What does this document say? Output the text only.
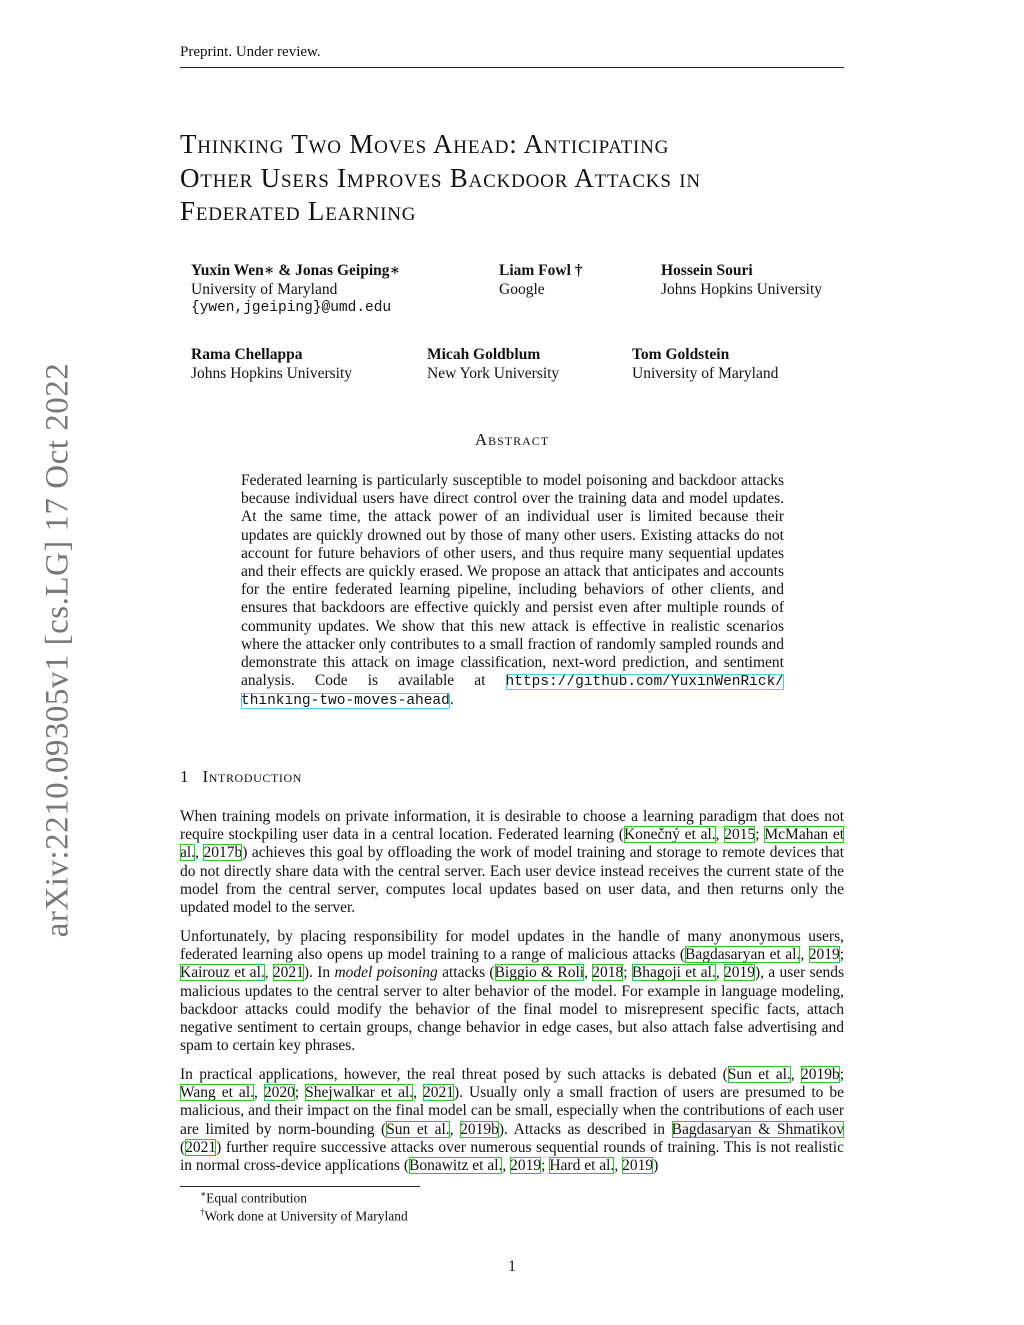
Preprint. Under review.
arXiv:2210.09305v1 [cs.LG] 17 Oct 2022
Thinking Two Moves Ahead: Anticipating
Other Users Improves Backdoor Attacks in
Federated Learning
Yuxin Wen∗ & Jonas Geiping∗
University of Maryland
{ywen,jgeiping}@umd.edu
Liam Fowl †
Google
Hossein Souri
Johns Hopkins University
Rama Chellappa
Johns Hopkins University
Micah Goldblum
New York University
Tom Goldstein
University of Maryland
Abstract
Federated learning is particularly susceptible to model poisoning and backdoor attacks because individual users have direct control over the training data and model updates. At the same time, the attack power of an individual user is limited because their updates are quickly drowned out by those of many other users. Existing attacks do not account for future behaviors of other users, and thus require many sequential updates and their effects are quickly erased. We propose an attack that anticipates and accounts for the entire federated learning pipeline, including behaviors of other clients, and ensures that backdoors are effective quickly and persist even after multiple rounds of community updates. We show that this new attack is effective in realistic scenarios where the attacker only contributes to a small fraction of randomly sampled rounds and demonstrate this attack on image classification, next-word prediction, and sentiment analysis. Code is available at https://github.com/YuxinWenRick/ thinking-two-moves-ahead.
1 Introduction
When training models on private information, it is desirable to choose a learning paradigm that does not require stockpiling user data in a central location. Federated learning (Konečný et al., 2015; McMahan et al., 2017b) achieves this goal by offloading the work of model training and storage to remote devices that do not directly share data with the central server. Each user device instead receives the current state of the model from the central server, computes local updates based on user data, and then returns only the updated model to the server.
Unfortunately, by placing responsibility for model updates in the handle of many anonymous users, federated learning also opens up model training to a range of malicious attacks (Bagdasaryan et al., 2019; Kairouz et al., 2021). In model poisoning attacks (Biggio & Roli, 2018; Bhagoji et al., 2019), a user sends malicious updates to the central server to alter behavior of the model. For example in language modeling, backdoor attacks could modify the behavior of the final model to misrepresent specific facts, attach negative sentiment to certain groups, change behavior in edge cases, but also attach false advertising and spam to certain key phrases.
In practical applications, however, the real threat posed by such attacks is debated (Sun et al., 2019b; Wang et al., 2020; Shejwalkar et al., 2021). Usually only a small fraction of users are presumed to be malicious, and their impact on the final model can be small, especially when the contributions of each user are limited by norm-bounding (Sun et al., 2019b). Attacks as described in Bagdasaryan & Shmatikov (2021) further require successive attacks over numerous sequential rounds of training. This is not realistic in normal cross-device applications (Bonawitz et al., 2019; Hard et al., 2019)
∗Equal contribution
†Work done at University of Maryland
1
